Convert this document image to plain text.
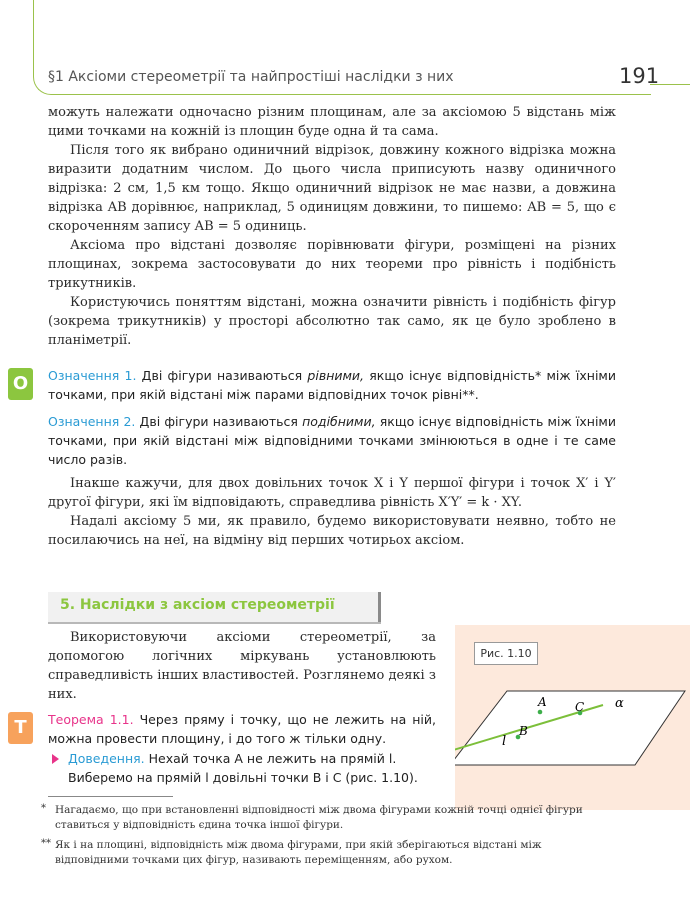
§1 Аксіоми стереометрії та найпростіші наслідки з них	191

можуть належати одночасно різним площинам, але за аксіомою 5 відстань між цими точками на кожній із площин буде одна й та сама.

Після того як вибрано одиничний відрізок, довжину кожного відрізка можна виразити додатним числом. До цього числа приписують назву одиничного відрізка: 2 см, 1,5 км тощо. Якщо одиничний відрізок не має назви, а довжина відрізка AB дорівнює, наприклад, 5 одиницям довжини, то пишемо: AB = 5, що є скороченням запису AB = 5 одиниць.

Аксіома про відстані дозволяє порівнювати фігури, розміщені на різних площинах, зокрема застосовувати до них теореми про рівність і подібність трикутників.

Користуючись поняттям відстані, можна означити рівність і подібність фігур (зокрема трикутників) у просторі абсолютно так само, як це було зроблено в планіметрії.

О	Означення 1. Дві фігури називаються рівними, якщо існує відповідність* між їхніми точками, при якій відстані між парами відповідних точок рівні**.
Означення 2. Дві фігури називаються подібними, якщо існує відповідність між їхніми точками, при якій відстані між відповідними точками змінюються в одне і те саме число разів.

Інакше кажучи, для двох довільних точок X і Y першої фігури і точок X′ і Y′ другої фігури, які їм відповідають, справедлива рівність X′Y′ = k · XY.

Надалі аксіому 5 ми, як правило, будемо використовувати неявно, тобто не посилаючись на неї, на відміну від перших чотирьох аксіом.

5. Наслідки з аксіом стереометрії
A
B
C
l
α
Рис. 1.10

Використовуючи аксіоми стереометрії, за допомогою логічних міркувань установлюють справедливість інших властивостей. Розглянемо деякі з них.

Т	Теорема 1.1. Через пряму і точку, що не лежить на ній, можна провести площину, і до того ж тільки одну.
Доведення. Нехай точка A не лежить на прямій l. Виберемо на прямій l довільні точки B і C (рис. 1.10).
* Нагадаємо, що при встановленні відповідності між двома фігурами кожній точці однієї фігури ставиться у відповідність єдина точка іншої фігури.
** Як і на площині, відповідність між двома фігурами, при якій зберігаються відстані між відповідними точками цих фігур, називають переміщенням, або рухом.
